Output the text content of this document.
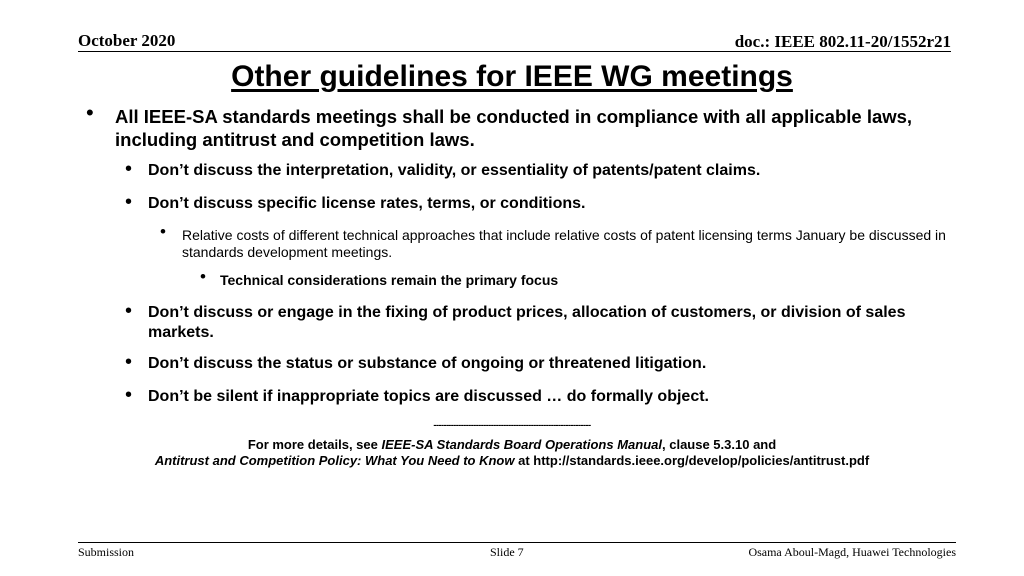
October 2020	doc.: IEEE 802.11-20/1552r21
Other guidelines for IEEE WG meetings
• All IEEE-SA standards meetings shall be conducted in compliance with all applicable laws, including antitrust and competition laws.
• Don’t discuss the interpretation, validity, or essentiality of patents/patent claims.
• Don’t discuss specific license rates, terms, or conditions.
• Relative costs of different technical approaches that include relative costs of patent licensing terms January be discussed in standards development meetings.
• Technical considerations remain the primary focus
• Don’t discuss or engage in the fixing of product prices, allocation of customers, or division of sales markets.
• Don’t discuss the status or substance of ongoing or threatened litigation.
• Don’t be silent if inappropriate topics are discussed … do formally object.
---------------------------------------------------------------
For more details, see IEEE-SA Standards Board Operations Manual, clause 5.3.10 and
Antitrust and Competition Policy: What You Need to Know at http://standards.ieee.org/develop/policies/antitrust.pdf
Submission	Slide 7	Osama Aboul-Magd, Huawei Technologies
